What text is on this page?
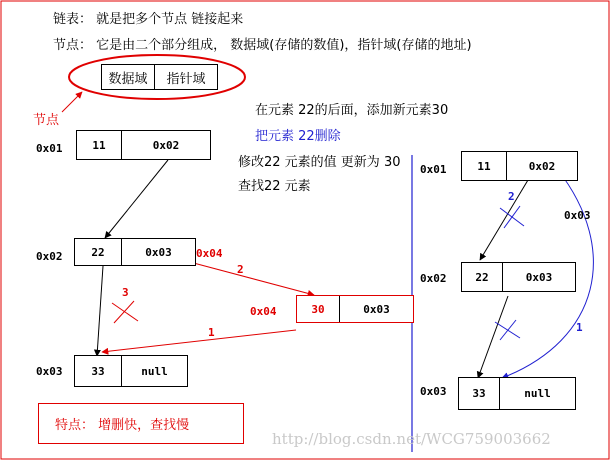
链表： 就是把多个节点 链接起来
节点： 它是由二个部分组成， 数据域(存储的数值)，指针域(存储的地址)
数据域	指针域
节点
在元素 22的后面，添加新元素30
把元素 22删除
修改22 元素的值 更新为 30
查找22 元素
0x01	11	0x02
0x02	22	0x03	0x04
0x03	33	null
0x04	30	0x03
2
1
3
0x01	11	0x02
0x03
0x02	22	0x03
0x03	33	null
2
1
特点： 增删快，查找慢
http://blog.csdn.net/WCG759003662
